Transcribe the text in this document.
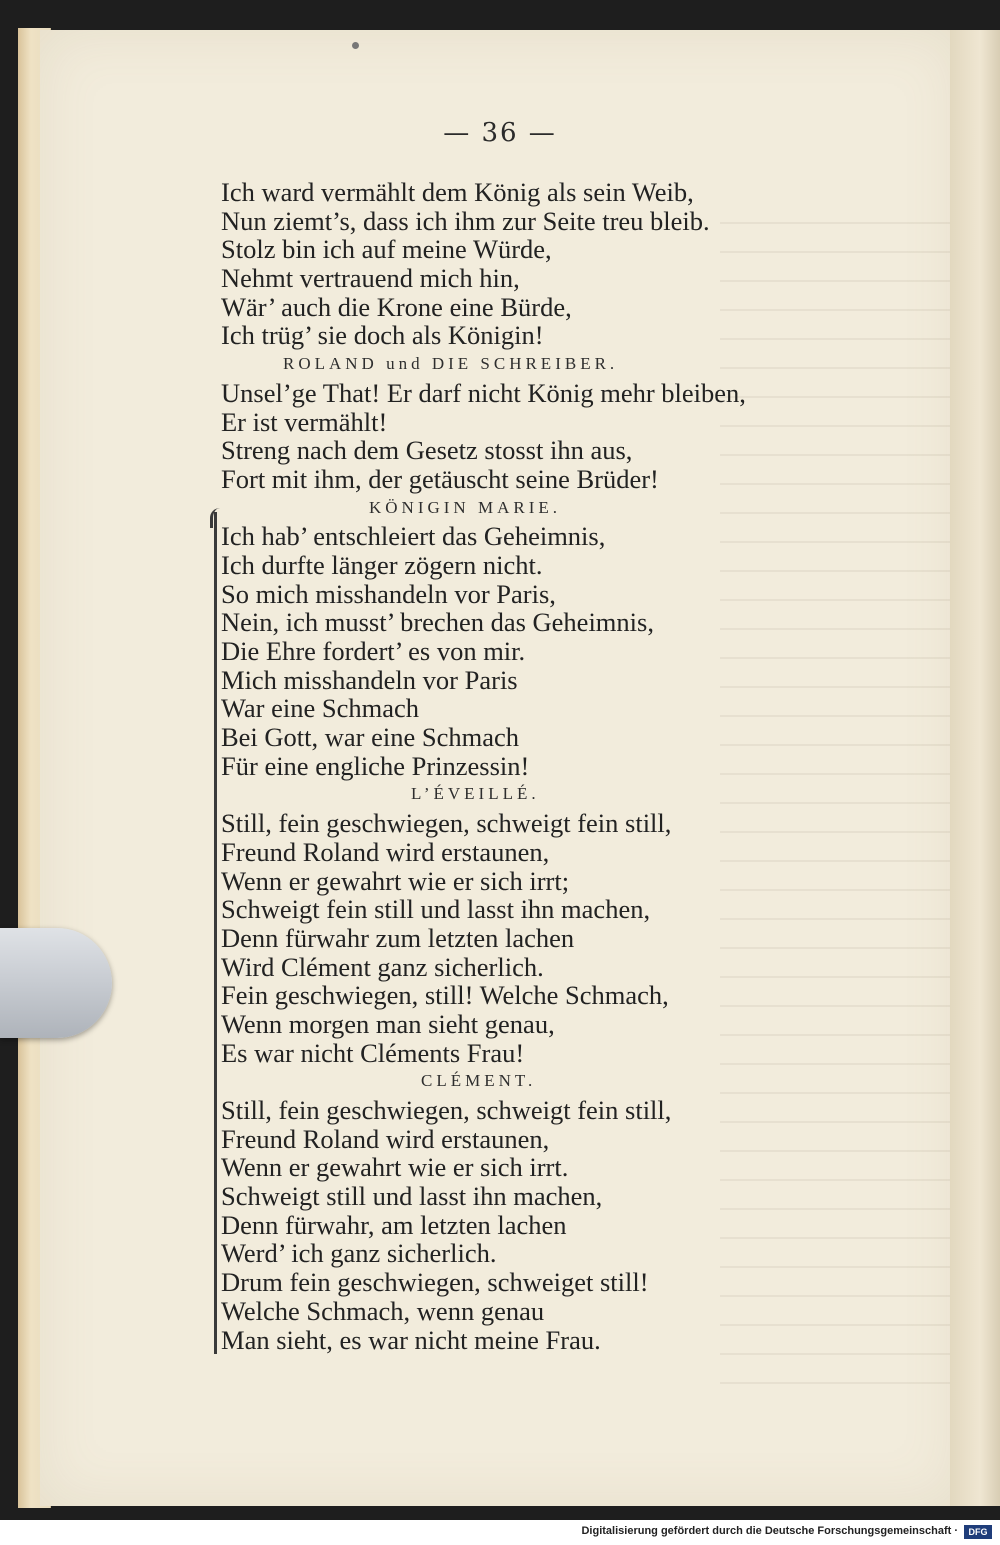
— 36 —
Ich ward vermählt dem König als sein Weib,
Nun ziemt’s, dass ich ihm zur Seite treu bleib.
Stolz bin ich auf meine Würde,
Nehmt vertrauend mich hin,
Wär’ auch die Krone eine Bürde,
Ich trüg’ sie doch als Königin!
ROLAND und DIE SCHREIBER.
Unsel’ge That! Er darf nicht König mehr bleiben,
Er ist vermählt!
Streng nach dem Gesetz stosst ihn aus,
Fort mit ihm, der getäuscht seine Brüder!
KÖNIGIN MARIE.
Ich hab’ entschleiert das Geheimnis,
Ich durfte länger zögern nicht.
So mich misshandeln vor Paris,
Nein, ich musst’ brechen das Geheimnis,
Die Ehre fordert’ es von mir.
Mich misshandeln vor Paris
War eine Schmach
Bei Gott, war eine Schmach
Für eine engliche Prinzessin!
L’ÉVEILLÉ.
Still, fein geschwiegen, schweigt fein still,
Freund Roland wird erstaunen,
Wenn er gewahrt wie er sich irrt;
Schweigt fein still und lasst ihn machen,
Denn fürwahr zum letzten lachen
Wird Clément ganz sicherlich.
Fein geschwiegen, still! Welche Schmach,
Wenn morgen man sieht genau,
Es war nicht Cléments Frau!
CLÉMENT.
Still, fein geschwiegen, schweigt fein still,
Freund Roland wird erstaunen,
Wenn er gewahrt wie er sich irrt.
Schweigt still und lasst ihn machen,
Denn fürwahr, am letzten lachen
Werd’ ich ganz sicherlich.
Drum fein geschwiegen, schweiget still!
Welche Schmach, wenn genau
Man sieht, es war nicht meine Frau.
Digitalisierung gefördert durch die Deutsche Forschungsgemeinschaft ·	DFG
